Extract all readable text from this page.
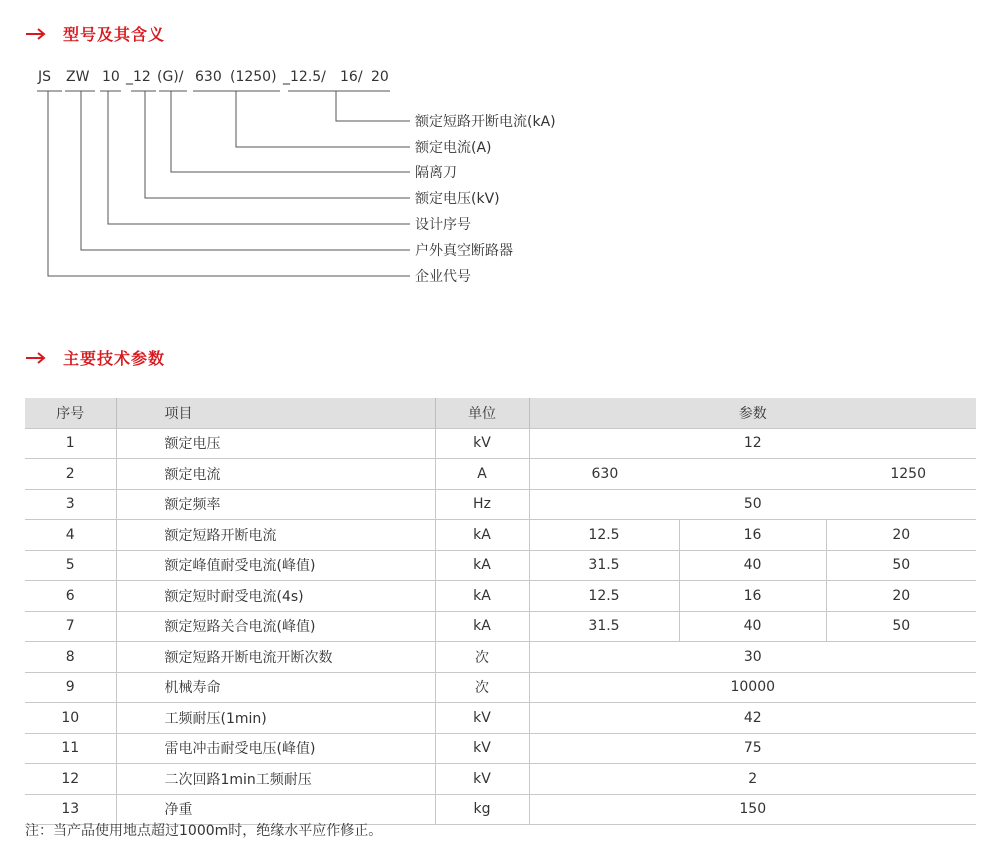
型号及其含义
JS ZW 10 _12 (G)/ 630 (1250) _12.5/ 16/ 20
额定短路开断电流(kA)
额定电流(A)
隔离刀
额定电压(kV)
设计序号
户外真空断路器
企业代号
主要技术参数
序号	项目	单位	参数		
1	额定电压	kV	12		
2	额定电流	A	630 1250		

3	额定频率	Hz	50		
4	额定短路开断电流	kA	12.5	16	20
5	额定峰值耐受电流(峰值)	kA	31.5	40	50
6	额定短时耐受电流(4s)	kA	12.5	16	20
7	额定短路关合电流(峰值)	kA	31.5	40	50
8	额定短路开断电流开断次数	次	30		
9	机械寿命	次	10000		
10	工频耐压(1min)	kV	42		
11	雷电冲击耐受电压(峰值)	kV	75		
12	二次回路1min工频耐压	kV	2		
13	净重	kg	150		
注：当产品使用地点超过1000m时，绝缘水平应作修正。
